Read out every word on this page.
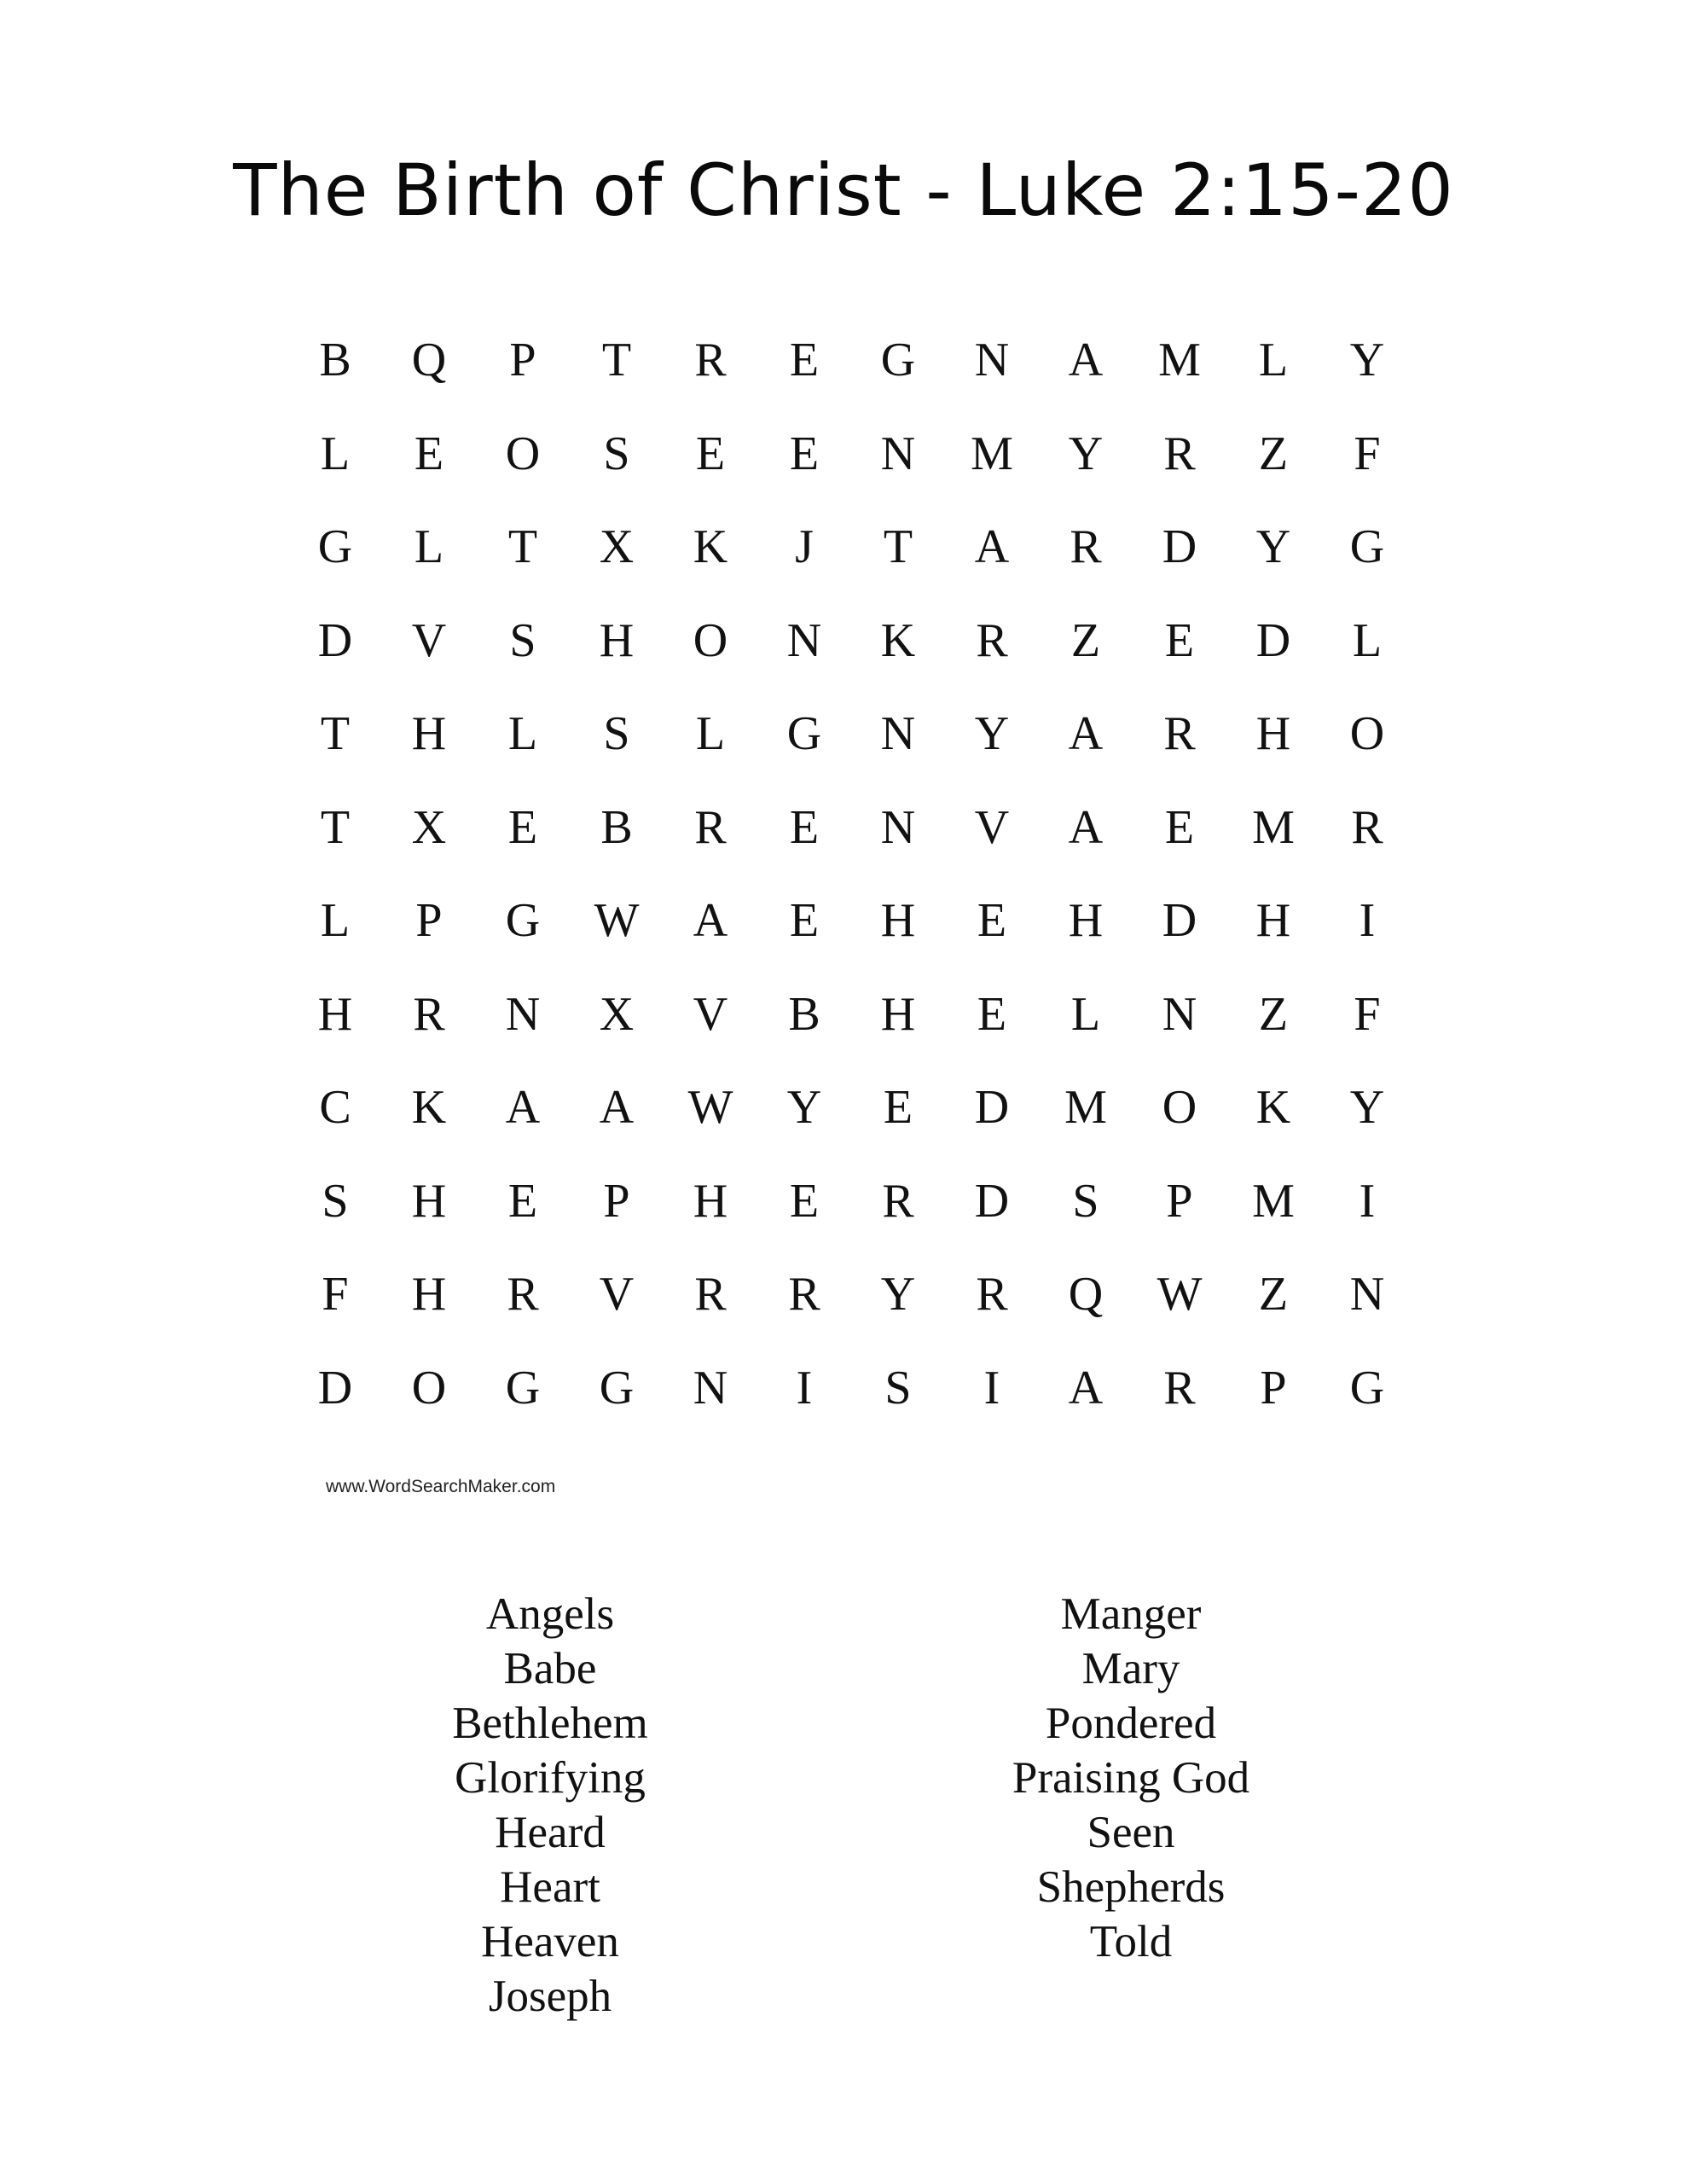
The Birth of Christ - Luke 2:15-20
B	Q	P	T	R	E	G	N	A	M	L	Y
L	E	O	S	E	E	N	M	Y	R	Z	F
G	L	T	X	K	J	T	A	R	D	Y	G
D	V	S	H	O	N	K	R	Z	E	D	L
T	H	L	S	L	G	N	Y	A	R	H	O
T	X	E	B	R	E	N	V	A	E	M	R
L	P	G	W	A	E	H	E	H	D	H	I
H	R	N	X	V	B	H	E	L	N	Z	F
C	K	A	A	W	Y	E	D	M	O	K	Y
S	H	E	P	H	E	R	D	S	P	M	I
F	H	R	V	R	R	Y	R	Q	W	Z	N
D	O	G	G	N	I	S	I	A	R	P	G
www.WordSearchMaker.com
Angels
Babe
Bethlehem
Glorifying
Heard
Heart
Heaven
Joseph
Manger
Mary
Pondered
Praising God
Seen
Shepherds
Told
